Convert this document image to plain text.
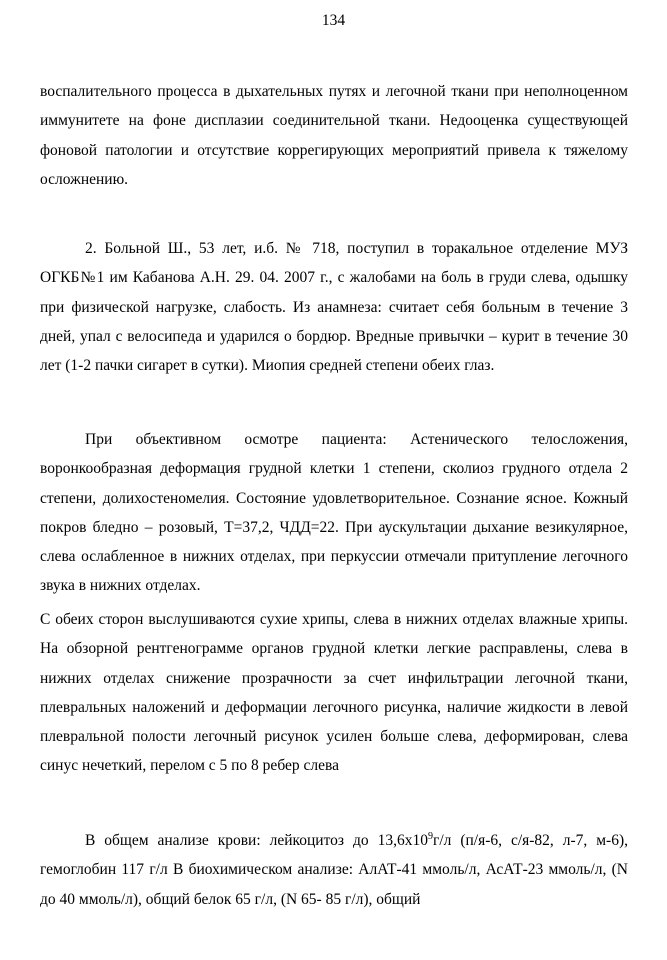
134
воспалительного процесса в дыхательных путях и легочной ткани при неполноценном иммунитете на фоне дисплазии соединительной ткани. Недооценка существующей фоновой патологии и отсутствие коррегирующих мероприятий привела к тяжелому осложнению.
2. Больной Ш., 53 лет, и.б. № 718, поступил в торакальное отделение МУЗ ОГКБ№1 им Кабанова А.Н. 29. 04. 2007 г., с жалобами на боль в груди слева, одышку при физической нагрузке, слабость. Из анамнеза: считает себя больным в течение 3 дней, упал с велосипеда и ударился о бордюр. Вредные привычки – курит в течение 30 лет (1-2 пачки сигарет в сутки). Миопия средней степени обеих глаз.
При объективном осмотре пациента: Астенического телосложения, воронкообразная деформация грудной клетки 1 степени, сколиоз грудного отдела 2 степени, долихостеномелия. Состояние удовлетворительное. Сознание ясное. Кожный покров бледно – розовый, Т=37,2, ЧДД=22. При аускультации дыхание везикулярное, слева ослабленное в нижних отделах, при перкуссии отмечали притупление легочного звука в нижних отделах.
С обеих сторон выслушиваются сухие хрипы, слева в нижних отделах влажные хрипы. На обзорной рентгенограмме органов грудной клетки легкие расправлены, слева в нижних отделах снижение прозрачности за счет инфильтрации легочной ткани, плевральных наложений и деформации легочного рисунка, наличие жидкости в левой плевральной полости легочный рисунок усилен больше слева, деформирован, слева синус нечеткий, перелом с 5 по 8 ребер слева
В общем анализе крови: лейкоцитоз до $13,6х10^9г/л$ (п/я-6, с/я-82, л-7, м-6), гемоглобин 117 г/л В биохимическом анализе: АлАТ-41 ммоль/л, АсАТ-23 ммоль/л, (N до 40 ммоль/л), общий белок 65 г/л, (N 65- 85 г/л), общий
